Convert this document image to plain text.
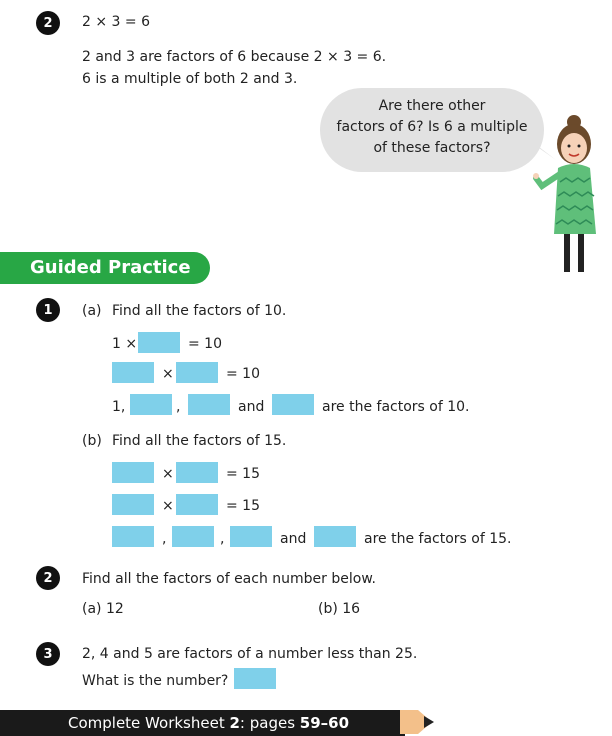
2	2 × 3 = 6
2 and 3 are factors of 6 because 2 × 3 = 6.
6 is a multiple of both 2 and 3.
Are there other
factors of 6? Is 6 a multiple
of these factors?
Guided Practice
1	(a) Find all the factors of 10.
1 ×	= 10
×	= 10
1,	,	and	are the factors of 10.
(b) Find all the factors of 15.
×	= 15
×	= 15
,	,	and	are the factors of 15.
2	Find all the factors of each number below.
(a) 12	(b) 16
3	2, 4 and 5 are factors of a number less than 25.
What is the number?
Complete Worksheet 2: pages 59–60
